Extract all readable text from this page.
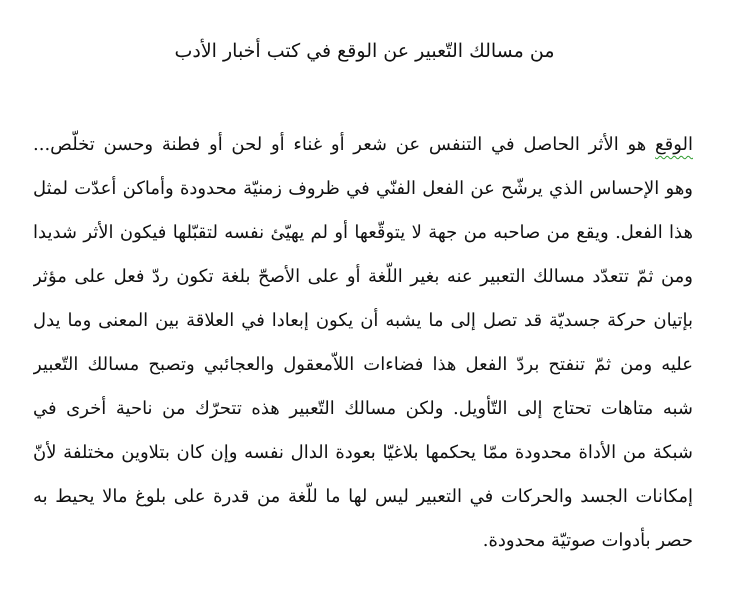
من مسالك التّعبير عن الوقع في كتب أخبار الأدب
الوقع هو الأثر الحاصل في التنفس عن شعر أو غناء أو لحن أو فطنة وحسن تخلّص...
وهو الإحساس الذي يرشّح عن الفعل الفنّي في ظروف زمنيّة محدودة وأماكن أعدّت لمثل
هذا الفعل. ويقع من صاحبه من جهة لا يتوقّعها أو لم يهيّئ نفسه لتقبّلها فيكون الأثر شديدا
ومن ثمّ تتعدّد مسالك التعبير عنه بغير اللّغة أو على الأصحّ بلغة تكون ردّ فعل على مؤثر
بإتيان حركة جسديّة قد تصل إلى ما يشبه أن يكون إبعادا في العلاقة بين المعنى وما يدل
عليه ومن ثمّ تنفتح بردّ الفعل هذا فضاءات اللاّمعقول والعجائبي وتصبح مسالك التّعبير
شبه متاهات تحتاج إلى التّأويل. ولكن مسالك التّعبير هذه تتحرّك من ناحية أخرى في
شبكة من الأداة محدودة ممّا يحكمها بلاغيّا بعودة الدال نفسه وإن كان بتلاوين مختلفة لأنّ
إمكانات الجسد والحركات في التعبير ليس لها ما للّغة من قدرة على بلوغ مالا يحيط به
حصر بأدوات صوتيّة محدودة.
